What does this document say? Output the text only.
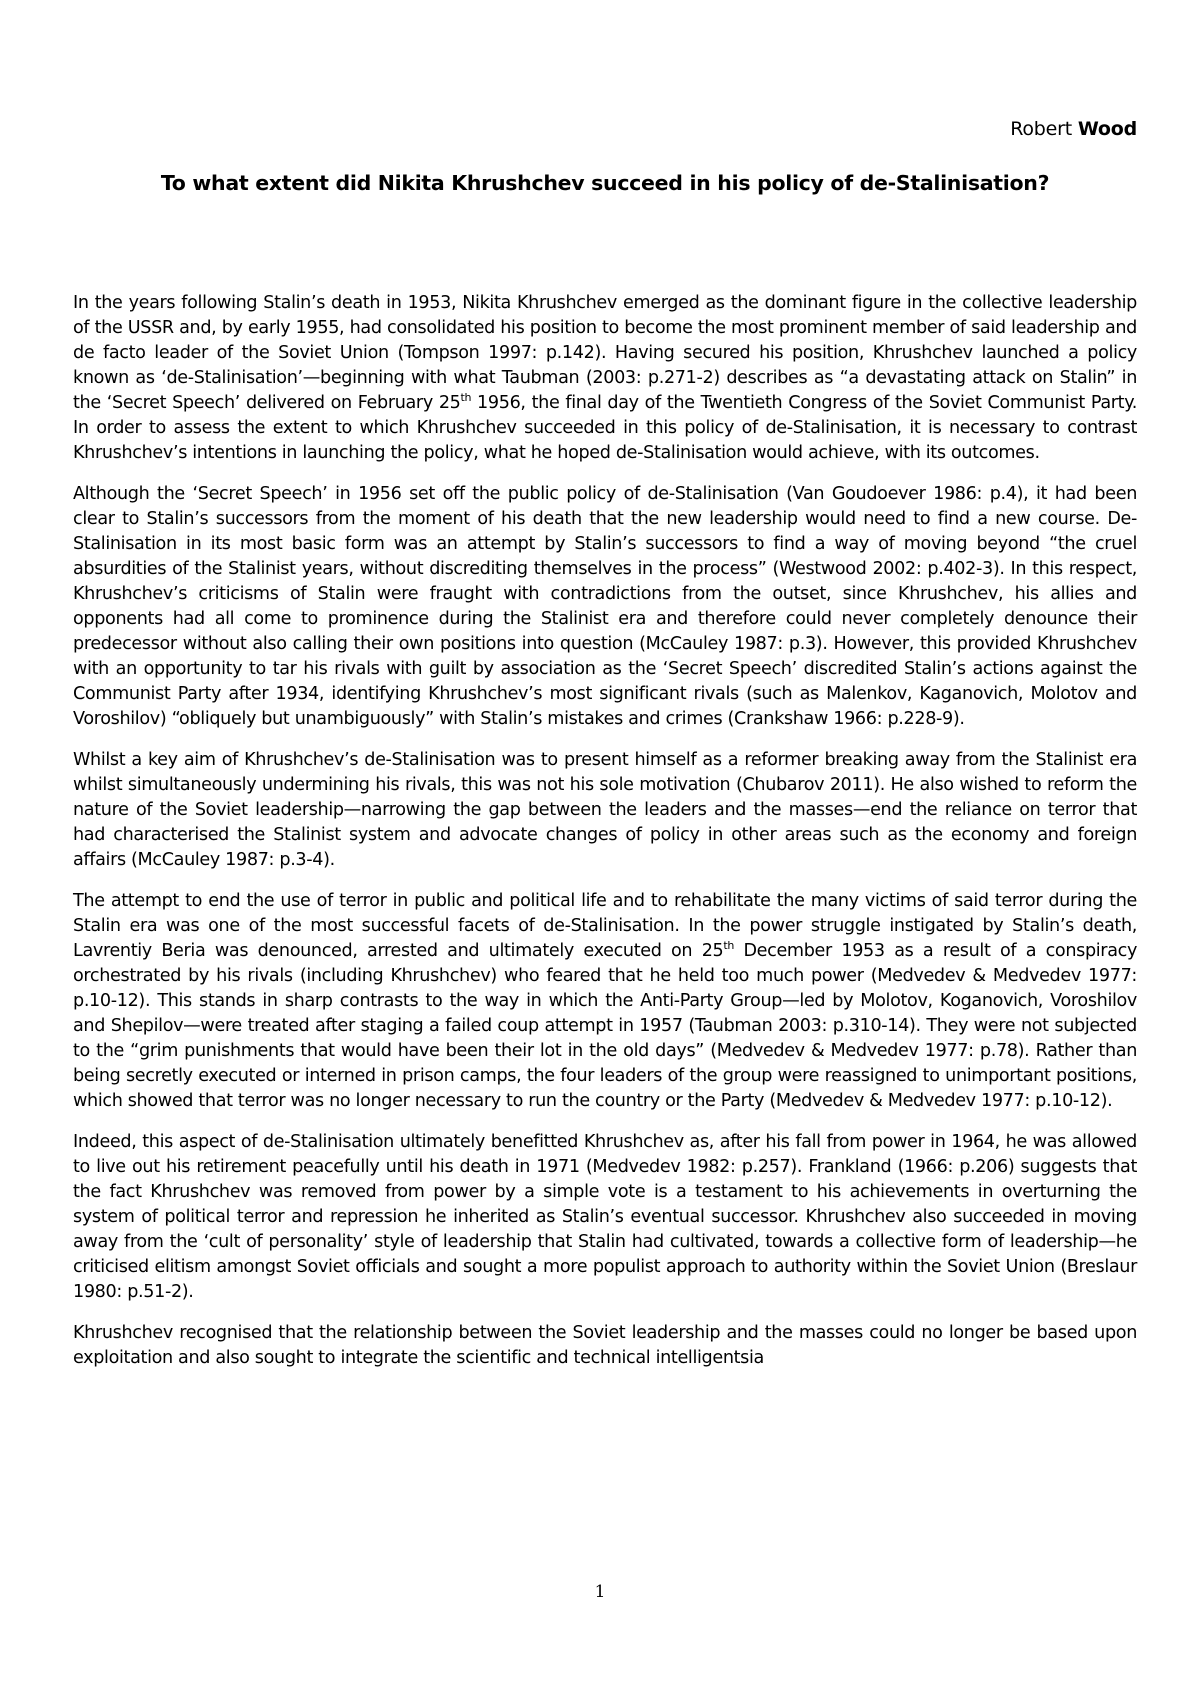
Robert Wood
To what extent did Nikita Khrushchev succeed in his policy of de-Stalinisation?

In the years following Stalin’s death in 1953, Nikita Khrushchev emerged as the dominant figure in the collective leadership of the USSR and, by early 1955, had consolidated his position to become the most prominent member of said leadership and de facto leader of the Soviet Union (Tompson 1997: p.142). Having secured his position, Khrushchev launched a policy known as ‘de-Stalinisation’—beginning with what Taubman (2003: p.271-2) describes as “a devastating attack on Stalin” in the ‘Secret Speech’ delivered on February 25th 1956, the final day of the Twentieth Congress of the Soviet Communist Party. In order to assess the extent to which Khrushchev succeeded in this policy of de-Stalinisation, it is necessary to contrast Khrushchev’s intentions in launching the policy, what he hoped de-Stalinisation would achieve, with its outcomes.

Although the ‘Secret Speech’ in 1956 set off the public policy of de-Stalinisation (Van Goudoever 1986: p.4), it had been clear to Stalin’s successors from the moment of his death that the new leadership would need to find a new course. De-Stalinisation in its most basic form was an attempt by Stalin’s successors to find a way of moving beyond “the cruel absurdities of the Stalinist years, without discrediting themselves in the process” (Westwood 2002: p.402-3). In this respect, Khrushchev’s criticisms of Stalin were fraught with contradictions from the outset, since Khrushchev, his allies and opponents had all come to prominence during the Stalinist era and therefore could never completely denounce their predecessor without also calling their own positions into question (McCauley 1987: p.3). However, this provided Khrushchev with an opportunity to tar his rivals with guilt by association as the ‘Secret Speech’ discredited Stalin’s actions against the Communist Party after 1934, identifying Khrushchev’s most significant rivals (such as Malenkov, Kaganovich, Molotov and Voroshilov) “obliquely but unambiguously” with Stalin’s mistakes and crimes (Crankshaw 1966: p.228-9).

Whilst a key aim of Khrushchev’s de-Stalinisation was to present himself as a reformer breaking away from the Stalinist era whilst simultaneously undermining his rivals, this was not his sole motivation (Chubarov 2011). He also wished to reform the nature of the Soviet leadership—narrowing the gap between the leaders and the masses—end the reliance on terror that had characterised the Stalinist system and advocate changes of policy in other areas such as the economy and foreign affairs (McCauley 1987: p.3-4).

The attempt to end the use of terror in public and political life and to rehabilitate the many victims of said terror during the Stalin era was one of the most successful facets of de-Stalinisation. In the power struggle instigated by Stalin’s death, Lavrentiy Beria was denounced, arrested and ultimately executed on 25th December 1953 as a result of a conspiracy orchestrated by his rivals (including Khrushchev) who feared that he held too much power (Medvedev & Medvedev 1977: p.10-12). This stands in sharp contrasts to the way in which the Anti-Party Group—led by Molotov, Koganovich, Voroshilov and Shepilov—were treated after staging a failed coup attempt in 1957 (Taubman 2003: p.310-14). They were not subjected to the “grim punishments that would have been their lot in the old days” (Medvedev & Medvedev 1977: p.78). Rather than being secretly executed or interned in prison camps, the four leaders of the group were reassigned to unimportant positions, which showed that terror was no longer necessary to run the country or the Party (Medvedev & Medvedev 1977: p.10-12).

Indeed, this aspect of de-Stalinisation ultimately benefitted Khrushchev as, after his fall from power in 1964, he was allowed to live out his retirement peacefully until his death in 1971 (Medvedev 1982: p.257). Frankland (1966: p.206) suggests that the fact Khrushchev was removed from power by a simple vote is a testament to his achievements in overturning the system of political terror and repression he inherited as Stalin’s eventual successor. Khrushchev also succeeded in moving away from the ‘cult of personality’ style of leadership that Stalin had cultivated, towards a collective form of leadership—he criticised elitism amongst Soviet officials and sought a more populist approach to authority within the Soviet Union (Breslaur 1980: p.51-2).

Khrushchev recognised that the relationship between the Soviet leadership and the masses could no longer be based upon exploitation and also sought to integrate the scientific and technical intelligentsia

1
